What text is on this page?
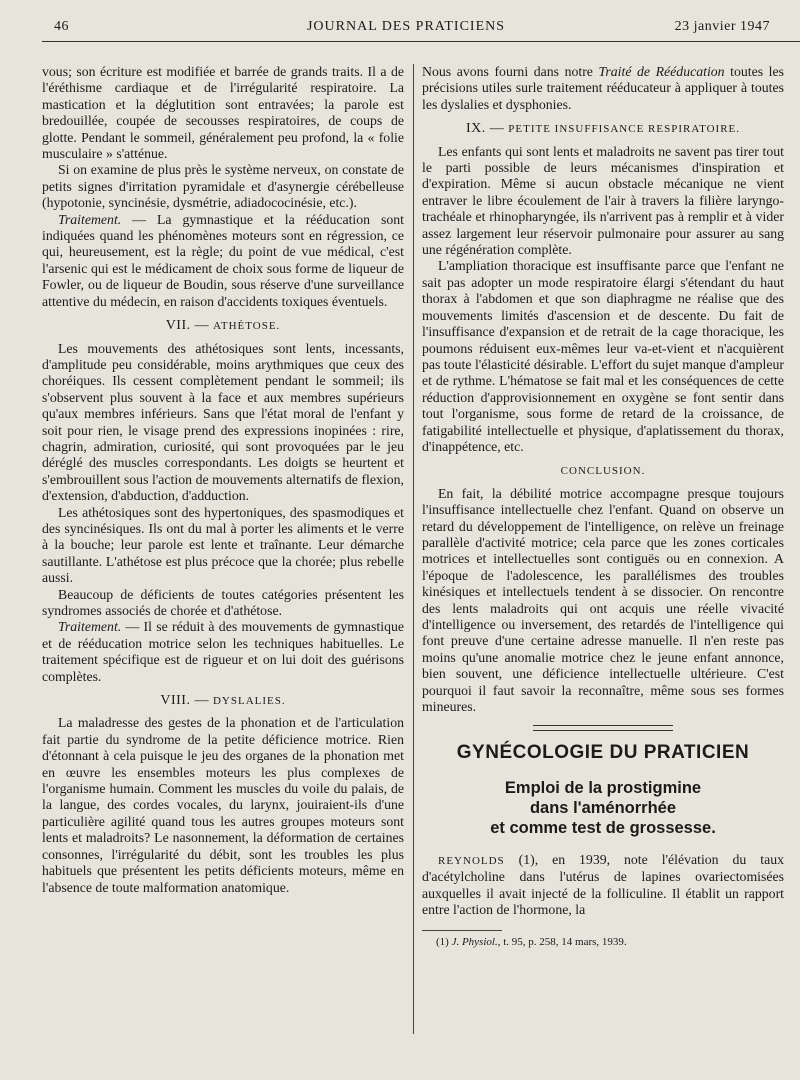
46	JOURNAL DES PRATICIENS	23 janvier 1947

vous; son écriture est modifiée et barrée de grands traits. Il a de l'éréthisme cardiaque et de l'irrégularité respiratoire. La mastication et la déglutition sont entravées; la parole est bredouillée, coupée de secousses respiratoires, de coups de glotte. Pendant le sommeil, généralement peu profond, la « folie musculaire » s'atténue.

Si on examine de plus près le système nerveux, on constate de petits signes d'irritation pyramidale et d'asynergie cérébelleuse (hypotonie, syncinésie, dysmétrie, adiadococinésie, etc.).

Traitement. — La gymnastique et la rééducation sont indiquées quand les phénomènes moteurs sont en régression, ce qui, heureusement, est la règle; du point de vue médical, c'est l'arsenic qui est le médicament de choix sous forme de liqueur de Fowler, ou de liqueur de Boudin, sous réserve d'une surveillance attentive du médecin, en raison d'accidents toxiques éventuels.

VII. — ATHÉTOSE.

Les mouvements des athétosiques sont lents, incessants, d'amplitude peu considérable, moins arythmiques que ceux des choréiques. Ils cessent complètement pendant le sommeil; ils s'observent plus souvent à la face et aux membres supérieurs qu'aux membres inférieurs. Sans que l'état moral de l'enfant y soit pour rien, le visage prend des expressions inopinées : rire, chagrin, admiration, curiosité, qui sont provoquées par le jeu déréglé des muscles correspondants. Les doigts se heurtent et s'embrouillent sous l'action de mouvements alternatifs de flexion, d'extension, d'abduction, d'adduction.

Les athétosiques sont des hypertoniques, des spasmodiques et des syncinésiques. Ils ont du mal à porter les aliments et le verre à la bouche; leur parole est lente et traînante. Leur démarche sautillante. L'athétose est plus précoce que la chorée; plus rebelle aussi.

Beaucoup de déficients de toutes catégories présentent les syndromes associés de chorée et d'athétose.

Traitement. — Il se réduit à des mouvements de gymnastique et de rééducation motrice selon les techniques habituelles. Le traitement spécifique est de rigueur et on lui doit des guérisons complètes.

VIII. — DYSLALIES.

La maladresse des gestes de la phonation et de l'articulation fait partie du syndrome de la petite déficience motrice. Rien d'étonnant à cela puisque le jeu des organes de la phonation met en œuvre les ensembles moteurs les plus complexes de l'organisme humain. Comment les muscles du voile du palais, de la langue, des cordes vocales, du larynx, jouiraient-ils d'une particulière agilité quand tous les autres groupes moteurs sont lents et maladroits? Le nasonnement, la déformation de certaines consonnes, l'irrégularité du débit, sont les troubles les plus habituels que présentent les petits déficients moteurs, même en l'absence de toute malformation anatomique.

Nous avons fourni dans notre Traité de Rééducation toutes les précisions utiles surle traitement rééducateur à appliquer à toutes les dyslalies et dysphonies.

IX. — PETITE INSUFFISANCE RESPIRATOIRE.

Les enfants qui sont lents et maladroits ne savent pas tirer tout le parti possible de leurs mécanismes d'inspiration et d'expiration. Même si aucun obstacle mécanique ne vient entraver le libre écoulement de l'air à travers la filière laryngo-trachéale et rhinopharyngée, ils n'arrivent pas à remplir et à vider assez largement leur réservoir pulmonaire pour assurer au sang une régénération complète.

L'ampliation thoracique est insuffisante parce que l'enfant ne sait pas adopter un mode respiratoire élargi s'étendant du haut thorax à l'abdomen et que son diaphragme ne réalise que des mouvements limités d'ascension et de descente. Du fait de l'insuffisance d'expansion et de retrait de la cage thoracique, les poumons réduisent eux-mêmes leur va-et-vient et n'acquièrent pas toute l'élasticité désirable. L'effort du sujet manque d'ampleur et de rythme. L'hématose se fait mal et les conséquences de cette réduction d'approvisionnement en oxygène se font sentir dans tout l'organisme, sous forme de retard de la croissance, de fatigabilité intellectuelle et physique, d'aplatissement du thorax, d'inappétence, etc.

CONCLUSION.

En fait, la débilité motrice accompagne presque toujours l'insuffisance intellectuelle chez l'enfant. Quand on observe un retard du développement de l'intelligence, on relève un freinage parallèle d'activité motrice; cela parce que les zones corticales motrices et intellectuelles sont contiguës ou en connexion. A l'époque de l'adolescence, les parallélismes des troubles kinésiques et intellectuels tendent à se dissocier. On rencontre des lents maladroits qui ont acquis une réelle vivacité d'intelligence ou inversement, des retardés de l'intelligence qui font preuve d'une certaine adresse manuelle. Il n'en reste pas moins qu'une anomalie motrice chez le jeune enfant annonce, bien souvent, une déficience intellectuelle ultérieure. C'est pourquoi il faut savoir la reconnaître, même sous ses formes mineures.

GYNÉCOLOGIE DU PRATICIEN
Emploi de la prostigmine
dans l'aménorrhée
et comme test de grossesse.

REYNOLDS (1), en 1939, note l'élévation du taux d'acétylcholine dans l'utérus de lapines ovariectomisées auxquelles il avait injecté de la folliculine. Il établit un rapport entre l'action de l'hormone, la

(1) J. Physiol., t. 95, p. 258, 14 mars, 1939.
